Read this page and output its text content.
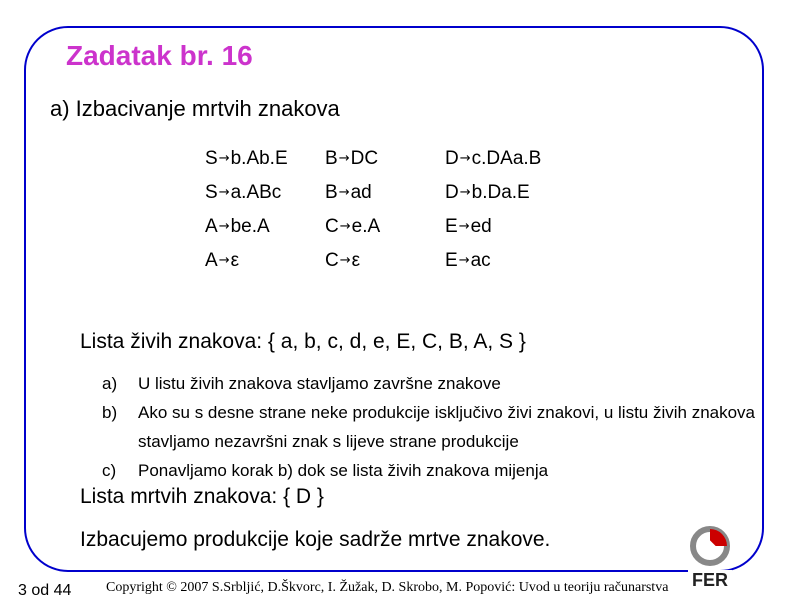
Zadatak br. 16
a) Izbacivanje mrtvih znakova
S→b.Ab.E B→DC	D→c.DAa.B
S→a.ABc B→ad	D→b.Da.E
A→be.A	C→e.A	E→ed
A→ε	C→ε	E→ac
Lista živih znakova: { a, b, c, d, e, E, C, B, A, S }
a) U listu živih znakova stavljamo završne znakove
b) Ako su s desne strane neke produkcije isključivo živi znakovi, u listu živih znakova stavljamo nezavršni znak s lijeve strane produkcije
c) Ponavljamo korak b) dok se lista živih znakova mijenja
Lista mrtvih znakova: { D }
Izbacujemo produkcije koje sadrže mrtve znakove.
3 od 44 Copyright © 2007 S.Srbljić, D.Škvorc, I. Žužak, D. Skrobo, M. Popović: Uvod u teoriju računarstva FER
